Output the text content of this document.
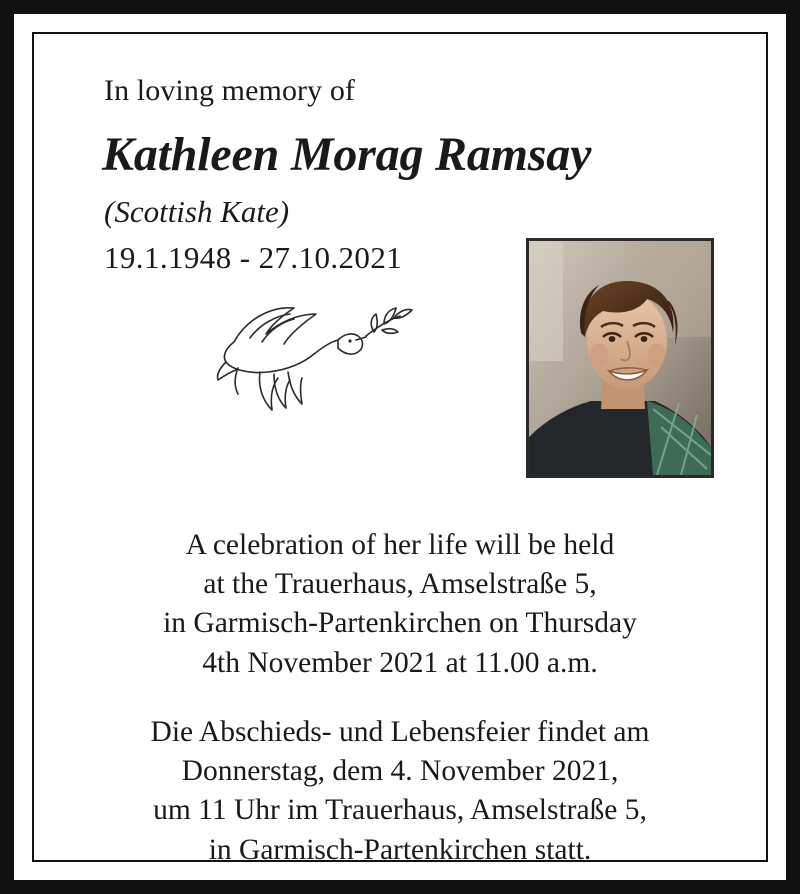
In loving memory of
Kathleen Morag Ramsay
(Scottish Kate)
19.1.1948 - 27.10.2021
A celebration of her life will be held
at the Trauerhaus, Amselstraße 5,
in Garmisch-Partenkirchen on Thursday
4th November 2021 at 11.00 a.m.
Die Abschieds- und Lebensfeier findet am
Donnerstag, dem 4. November 2021,
um 11 Uhr im Trauerhaus, Amselstraße 5,
in Garmisch-Partenkirchen statt.
